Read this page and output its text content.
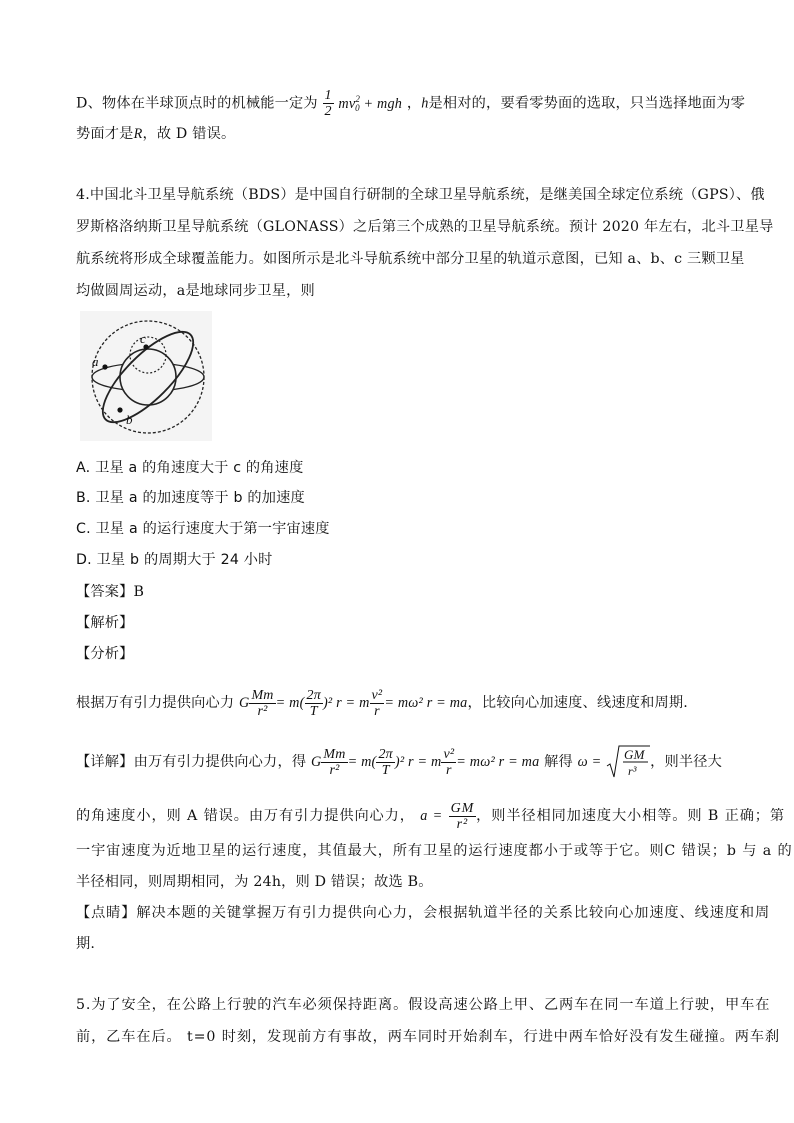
D、物体在半球顶点时的机械能一定为 $\frac{1}{2} mv^2_0$ + mgh ，h是相对的，要看零势面的选取，只当选择地面为零
势面才是R，故 D 错误。
4.中国北斗卫星导航系统（BDS）是中国自行研制的全球卫星导航系统，是继美国全球定位系统（GPS）、俄
罗斯格洛纳斯卫星导航系统（GLONASS）之后第三个成熟的卫星导航系统。预计 2020 年左右，北斗卫星导
航系统将形成全球覆盖能力。如图所示是北斗导航系统中部分卫星的轨道示意图，已知 a、b、c 三颗卫星
均做圆周运动，a是地球同步卫星，则
c
a
b
A. 卫星 a 的角速度大于 c 的角速度
B. 卫星 a 的加速度等于 b 的加速度
C. 卫星 a 的运行速度大于第一宇宙速度
D. 卫星 b 的周期大于 24 小时
【答案】B
【解析】
【分析】
根据万有引力提供向心力 G $\frac{Mm}{\text{r²}} = m( \frac{2\pi}{T} )^2$ r = m $\frac{\text{v²}}{r} = m\omega^2$ r = ma，比较向心加速度、线速度和周期.
【详解】由万有引力提供向心力，得 G $\frac{Mm}{\text{r²}} = m( \frac{2\pi}{T} )^2$ r = m $\frac{\text{v²}}{r} = m\omega^2$ r = ma 解得 ω = GM
r³
，则半径大
的角速度小，则 A 错误。由万有引力提供向心力， $a = \frac{GM}{\text{r²}}$ ，则半径相同加速度大小相等。则 B 正确；第
一宇宙速度为近地卫星的运行速度，其值最大，所有卫星的运行速度都小于或等于它。则C 错误；b 与 a 的
半径相同，则周期相同，为 24h，则 D 错误；故选 B。
【点睛】解决本题的关键掌握万有引力提供向心力，会根据轨道半径的关系比较向心加速度、线速度和周
期.
5.为了安全，在公路上行驶的汽车必须保持距离。假设高速公路上甲、乙两车在同一车道上行驶，甲车在
前，乙车在后。 t=0 时刻，发现前方有事故，两车同时开始刹车，行进中两车恰好没有发生碰撞。两车刹
